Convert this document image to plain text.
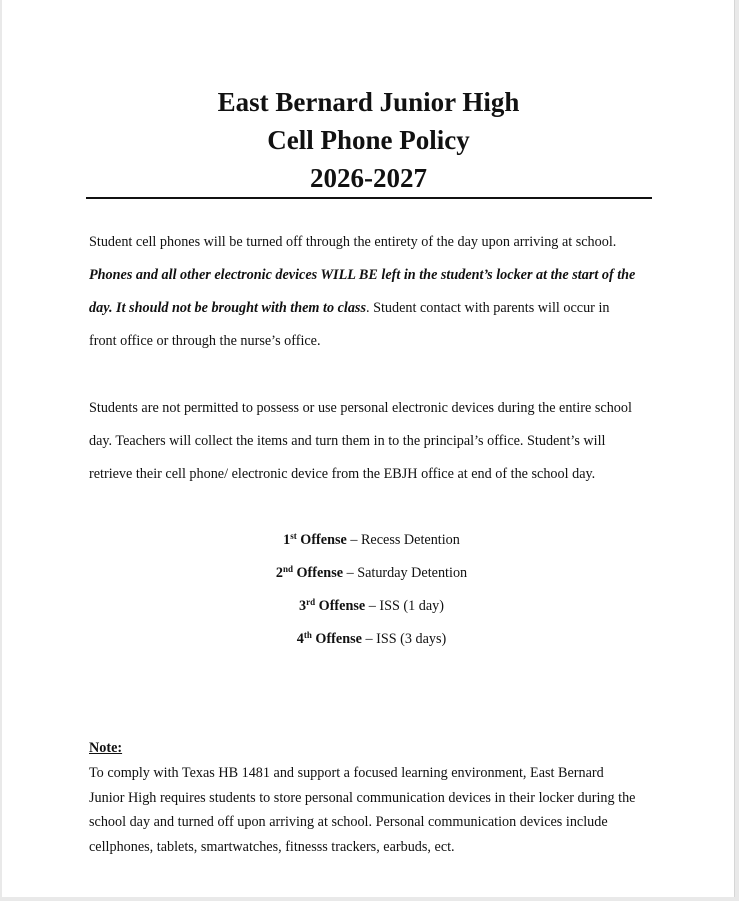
East Bernard Junior High
Cell Phone Policy
2026-2027
Student cell phones will be turned off through the entirety of the day upon arriving at school.
Phones and all other electronic devices WILL BE left in the student’s locker at the start of the
day. It should not be brought with them to class. Student contact with parents will occur in
front office or through the nurse’s office.
Students are not permitted to possess or use personal electronic devices during the entire school
day. Teachers will collect the items and turn them in to the principal’s office. Student’s will
retrieve their cell phone/ electronic device from the EBJH office at end of the school day.
1st Offense – Recess Detention
2nd Offense – Saturday Detention
3rd Offense – ISS (1 day)
4th Offense – ISS (3 days)
Note:
To comply with Texas HB 1481 and support a focused learning environment, East Bernard
Junior High requires students to store personal communication devices in their locker during the
school day and turned off upon arriving at school. Personal communication devices include
cellphones, tablets, smartwatches, fitnesss trackers, earbuds, ect.
